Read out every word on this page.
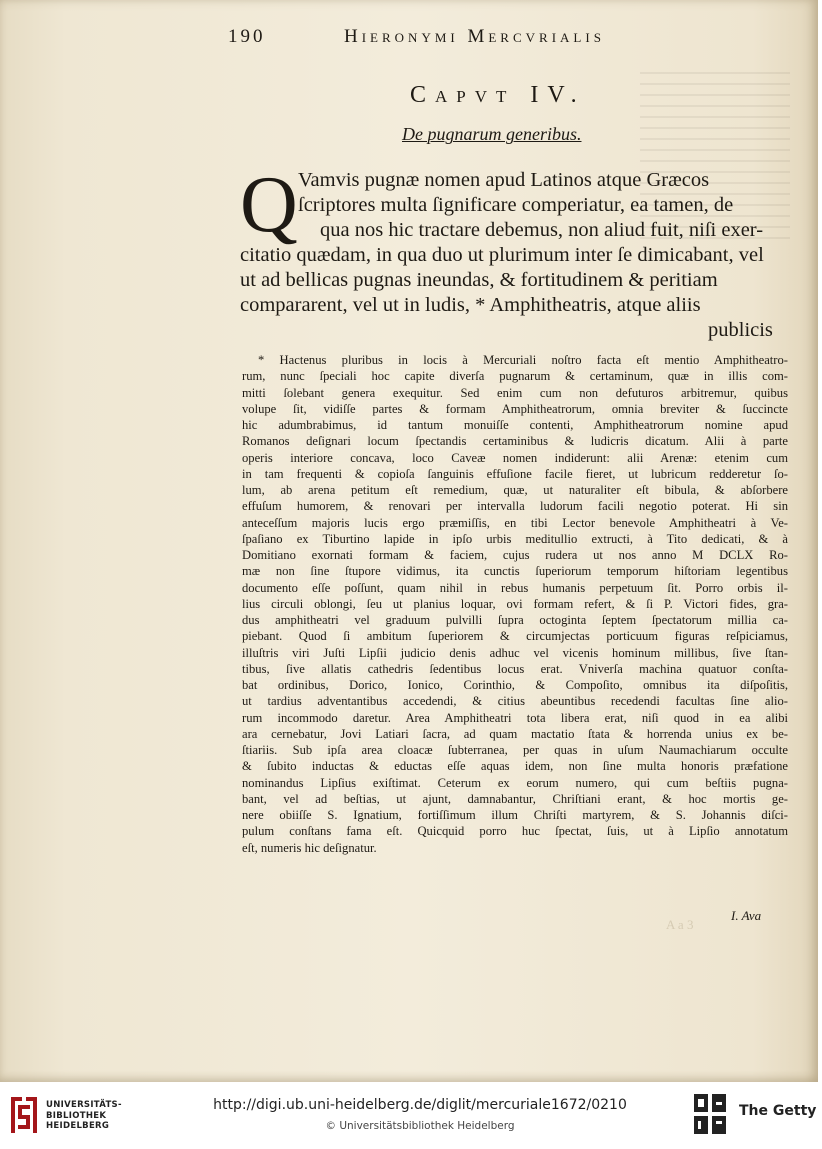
190	Hieronymi Mercvrialis
Capvt IV.
De pugnarum generibus.
Q Vamvis pugnæ nomen apud Latinos atque Græcos
ſcriptores multa ſignificare comperiatur, ea tamen, de
qua nos hic tractare debemus, non aliud fuit, niſi exer-
citatio quædam, in qua duo ut plurimum inter ſe dimicabant, vel
ut ad bellicas pugnas ineundas, & fortitudinem & peritiam
compararent, vel ut in ludis, * Amphitheatris, atque aliis
publicis
* Hactenus pluribus in locis à Mercuriali noſtro facta eſt mentio Amphitheatro-
rum, nunc ſpeciali hoc capite diverſa pugnarum & certaminum, quæ in illis com-
mitti ſolebant genera exequitur. Sed enim cum non defuturos arbitremur, quibus
volupe ſit, vidiſſe partes & formam Amphitheatrorum, omnia breviter & ſuccincte
hic adumbrabimus, id tantum monuiſſe contenti, Amphitheatrorum nomine apud
Romanos deſignari locum ſpectandis certaminibus & ludicris dicatum. Alii à parte
operis interiore concava, loco Caveæ nomen indiderunt: alii Arenæ: etenim cum
in tam frequenti & copioſa ſanguinis effuſione facile fieret, ut lubricum redderetur ſo-
lum, ab arena petitum eſt remedium, quæ, ut naturaliter eſt bibula, & abſorbere
effuſum humorem, & renovari per intervalla ludorum facili negotio poterat. Hi sin
anteceſſum majoris lucis ergo præmiſſis, en tibi Lector benevole Amphitheatri à Ve-
ſpaſiano ex Tiburtino lapide in ipſo urbis meditullio extructi, à Tito dedicati, & à
Domitiano exornati formam & faciem, cujus rudera ut nos anno M DCLX Ro-
mæ non ſine ſtupore vidimus, ita cunctis ſuperiorum temporum hiſtoriam legentibus
documento eſſe poſſunt, quam nihil in rebus humanis perpetuum ſit. Porro orbis il-
lius circuli oblongi, ſeu ut planius loquar, ovi formam refert, & ſi P. Victori fides, gra-
dus amphitheatri vel graduum pulvilli ſupra octoginta ſeptem ſpectatorum millia ca-
piebant. Quod ſi ambitum ſuperiorem & circumjectas porticuum figuras reſpiciamus,
illuſtris viri Juſti Lipſii judicio denis adhuc vel vicenis hominum millibus, ſive ſtan-
tibus, ſive allatis cathedris ſedentibus locus erat. Vniverſa machina quatuor conſta-
bat ordinibus, Dorico, Ionico, Corinthio, & Compoſito, omnibus ita diſpoſitis,
ut tardius adventantibus accedendi, & citius abeuntibus recedendi facultas ſine alio-
rum incommodo daretur. Area Amphitheatri tota libera erat, niſi quod in ea alibi
ara cernebatur, Jovi Latiari ſacra, ad quam mactatio ſtata & horrenda unius ex be-
ſtiariis. Sub ipſa area cloacæ ſubterranea, per quas in uſum Naumachiarum occulte
& ſubito inductas & eductas eſſe aquas idem, non ſine multa honoris præfatione
nominandus Lipſius exiſtimat. Ceterum ex eorum numero, qui cum beſtiis pugna-
bant, vel ad beſtias, ut ajunt, damnabantur, Chriſtiani erant, & hoc mortis ge-
nere obiiſſe S. Ignatium, fortiſſimum illum Chriſti martyrem, & S. Johannis diſci-
pulum conſtans fama eſt. Quicquid porro huc ſpectat, ſuis, ut à Lipſio annotatum
eſt, numeris hic deſignatur.
A a 3
I. Ava
UNIVERSITÄTS-
BIBLIOTHEK
HEIDELBERG
http://digi.ub.uni-heidelberg.de/diglit/mercuriale1672/0210
© Universitätsbibliothek Heidelberg
The Getty
